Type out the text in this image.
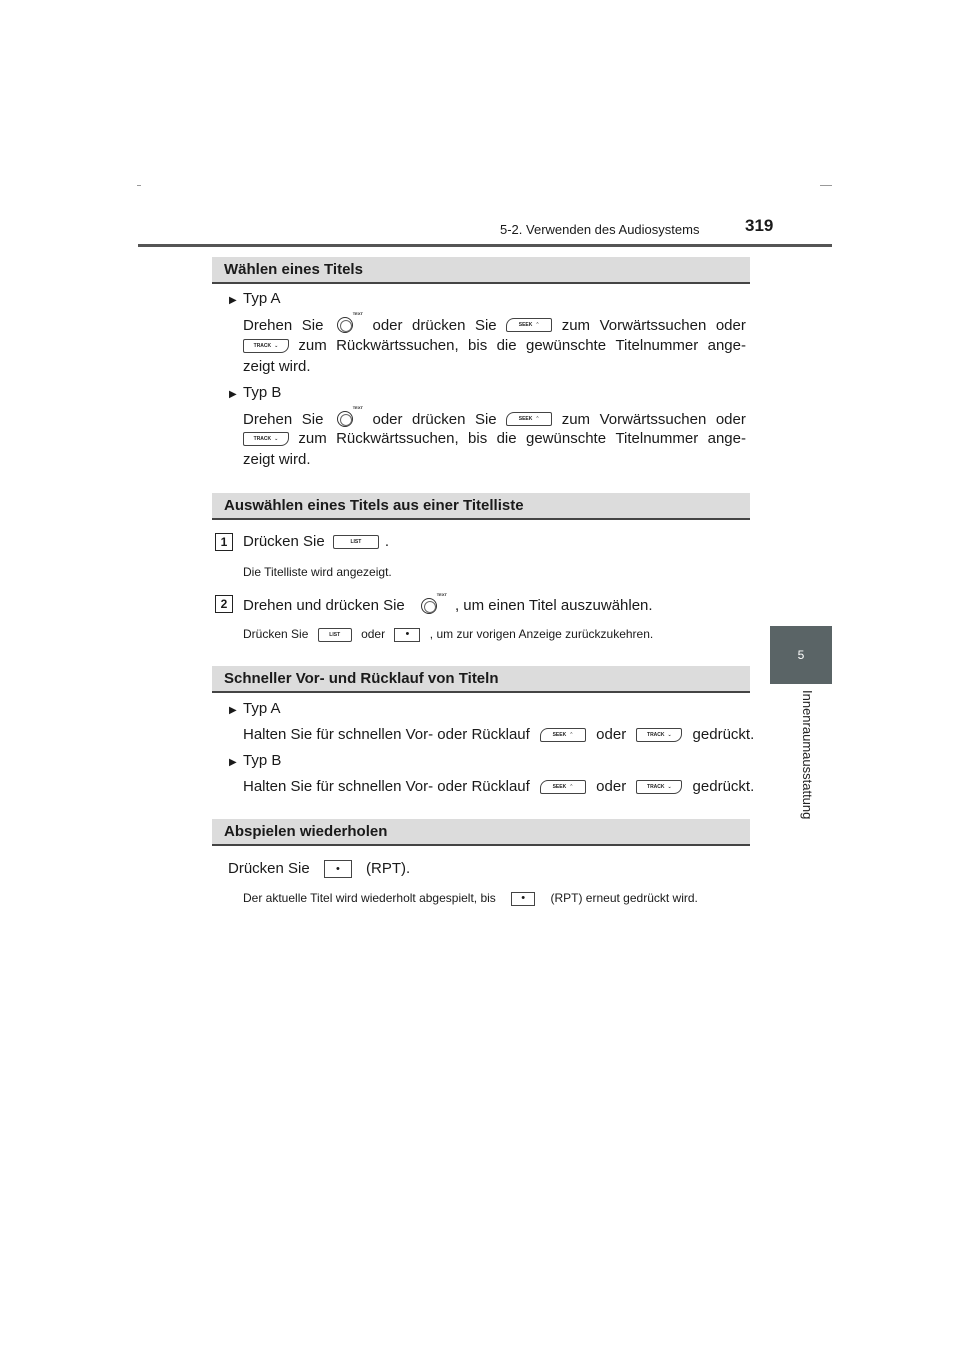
5-2. Verwenden des Audiosystems	319
5
Innenraumausstattung
Wählen eines Titels
▶ Typ A
Drehen Sie
TEXT
oder drücken Sie	SEEK ⌃ zum Vorwärtssuchen oder
TRACK ⌄ zum Rückwärtssuchen, bis die gewünschte Titelnummer ange-
zeigt wird.
▶ Typ B
Drehen Sie
TEXT
oder drücken Sie	SEEK ⌃ zum Vorwärtssuchen oder
TRACK ⌄ zum Rückwärtssuchen, bis die gewünschte Titelnummer ange-
zeigt wird.
Auswählen eines Titels aus einer Titelliste
1	Drücken Sie	LIST .
Die Titelliste wird angezeigt.
2	Drehen und drücken Sie
TEXT
, um einen Titel auszuwählen.
Drücken Sie	LIST oder • , um zur vorigen Anzeige zurückzukehren.
Schneller Vor- und Rücklauf von Titeln
▶ Typ A
Halten Sie für schnellen Vor- oder Rücklauf	SEEK ⌃ oder	TRACK ⌄ gedrückt.
▶ Typ B
Halten Sie für schnellen Vor- oder Rücklauf	SEEK ⌃ oder	TRACK ⌄ gedrückt.
Abspielen wiederholen
Drücken Sie • (RPT).
Der aktuelle Titel wird wiederholt abgespielt, bis • (RPT) erneut gedrückt wird.
